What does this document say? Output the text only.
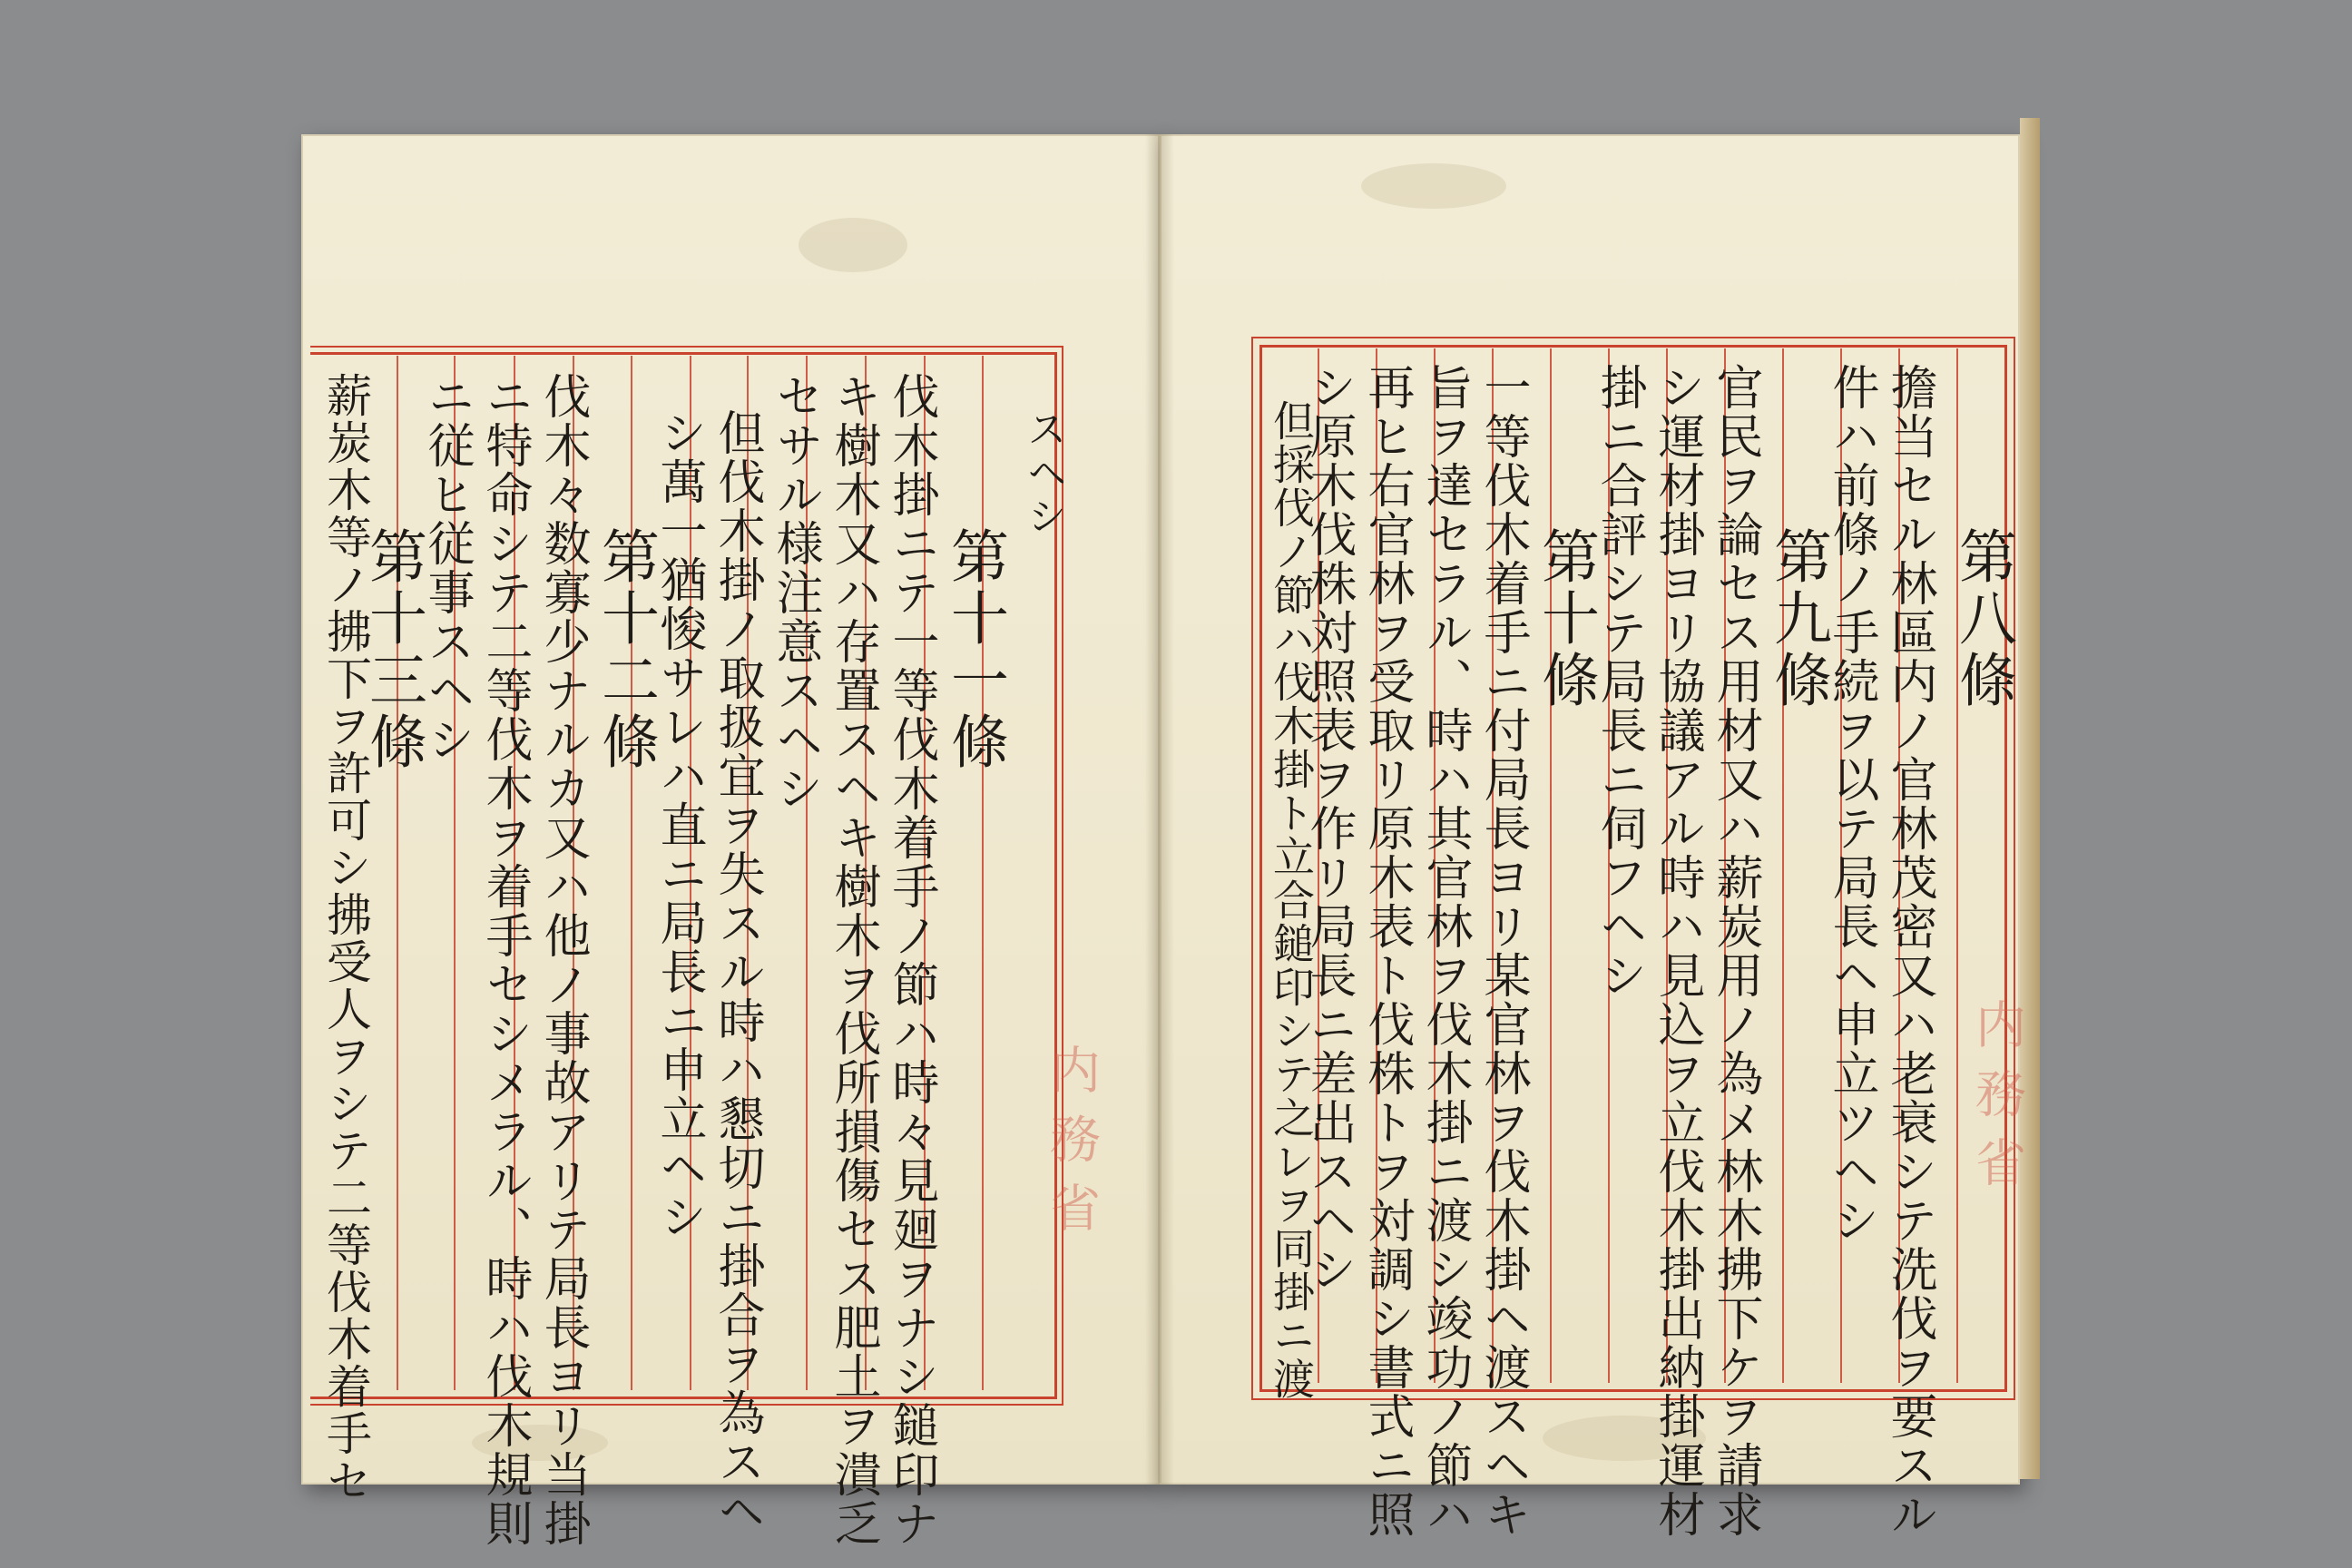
スヘシ
第十一條
伐木掛ニテ一等伐木着手ノ節ハ時々見廻ヲナシ鎚印ナ
キ樹木又ハ存置スヘキ樹木ヲ伐所損傷セス肥土ヲ潰乏
セサル様注意スヘシ
但伐木掛ノ取扱宜ヲ失スル時ハ懇切ニ掛合ヲ為スヘ
シ萬一猶悛サレハ直ニ局長ニ申立ヘシ
第十二條
伐木々数寡少ナルカ又ハ他ノ事故アリテ局長ヨリ当掛
ニ特命シテ二等伐木ヲ着手セシメラル、時ハ伐木規則
ニ従ヒ従事スヘシ
第十三條
薪炭木等ノ拂下ヲ許可シ拂受人ヲシテ二等伐木着手セ	第八條
擔当セル林區内ノ官林茂密又ハ老衰シテ洗伐ヲ要スル
件ハ前條ノ手続ヲ以テ局長ヘ申立ツヘシ
第九條
官民ヲ論セス用材又ハ薪炭用ノ為メ林木拂下ケヲ請求
シ運材掛ヨリ協議アル時ハ見込ヲ立伐木掛出納掛運材
掛ニ合評シテ局長ニ伺フヘシ
第十條
一等伐木着手ニ付局長ヨリ某官林ヲ伐木掛ヘ渡スヘキ
旨ヲ達セラル、時ハ其官林ヲ伐木掛ニ渡シ竣功ノ節ハ
再ヒ右官林ヲ受取リ原木表ト伐株トヲ対調シ書式ニ照
シ原木伐株対照表ヲ作リ局長ニ差出スヘシ
但採伐ノ節ハ伐木掛ト立合鎚印シテ之レヲ同掛ニ渡
内務省	内務省
